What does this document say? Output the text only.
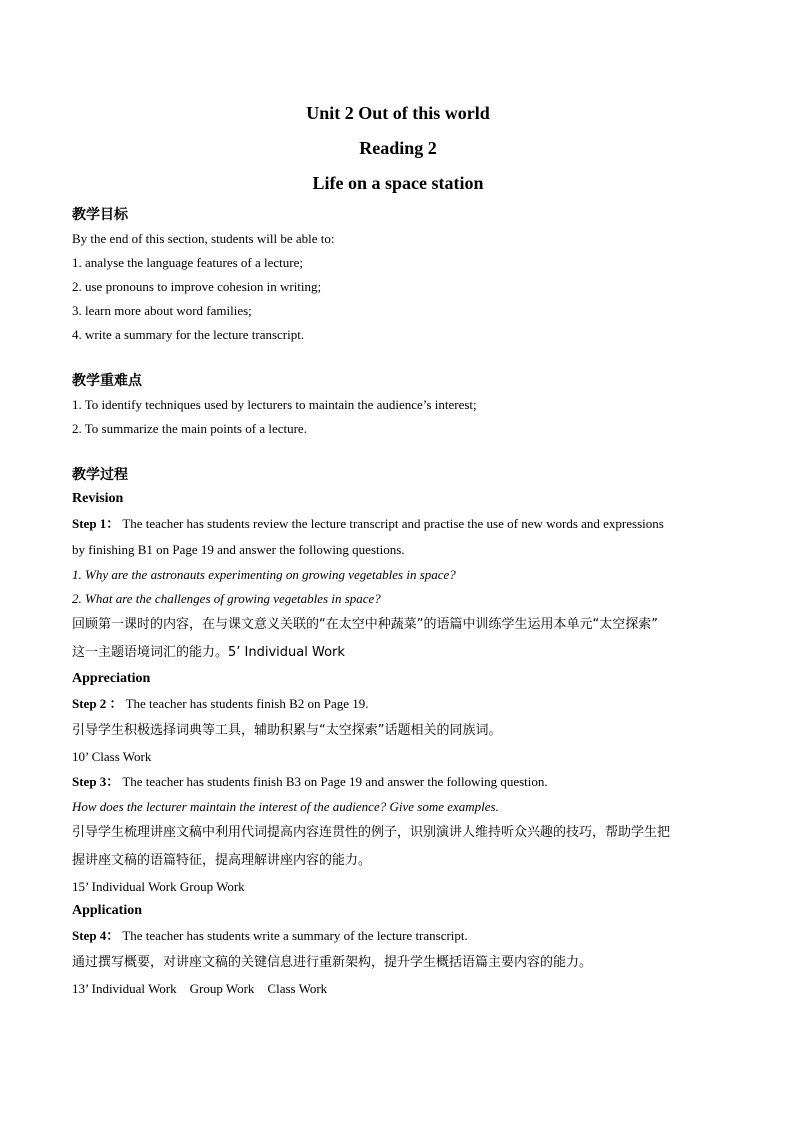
Unit 2 Out of this world

Reading 2

Life on a space station

教学目标

By the end of this section, students will be able to:

1. analyse the language features of a lecture;

2. use pronouns to improve cohesion in writing;

3. learn more about word families;

4. write a summary for the lecture transcript.

教学重难点

1. To identify techniques used by lecturers to maintain the audience’s interest;

2. To summarize the main points of a lecture.

教学过程

Revision

Step 1： The teacher has students review the lecture transcript and practise the use of new words and expressions

by finishing B1 on Page 19 and answer the following questions.

1. Why are the astronauts experimenting on growing vegetables in space?

2. What are the challenges of growing vegetables in space?

回顾第一课时的内容，在与课文意义关联的“在太空中种蔬菜”的语篇中训练学生运用本单元“太空探索”

这一主题语境词汇的能力。5’ Individual Work

Appreciation

Step 2 ： The teacher has students finish B2 on Page 19.

引导学生积极选择词典等工具，辅助积累与“太空探索”话题相关的同族词。

10’ Class Work

Step 3： The teacher has students finish B3 on Page 19 and answer the following question.

How does the lecturer maintain the interest of the audience? Give some examples.

引导学生梳理讲座文稿中利用代词提高内容连贯性的例子，识别演讲人维持听众兴趣的技巧，帮助学生把

握讲座文稿的语篇特征，提高理解讲座内容的能力。

15’ Individual Work Group Work

Application

Step 4： The teacher has students write a summary of the lecture transcript.

通过撰写概要，对讲座文稿的关键信息进行重新架构，提升学生概括语篇主要内容的能力。

13’ Individual Work    Group Work    Class Work
